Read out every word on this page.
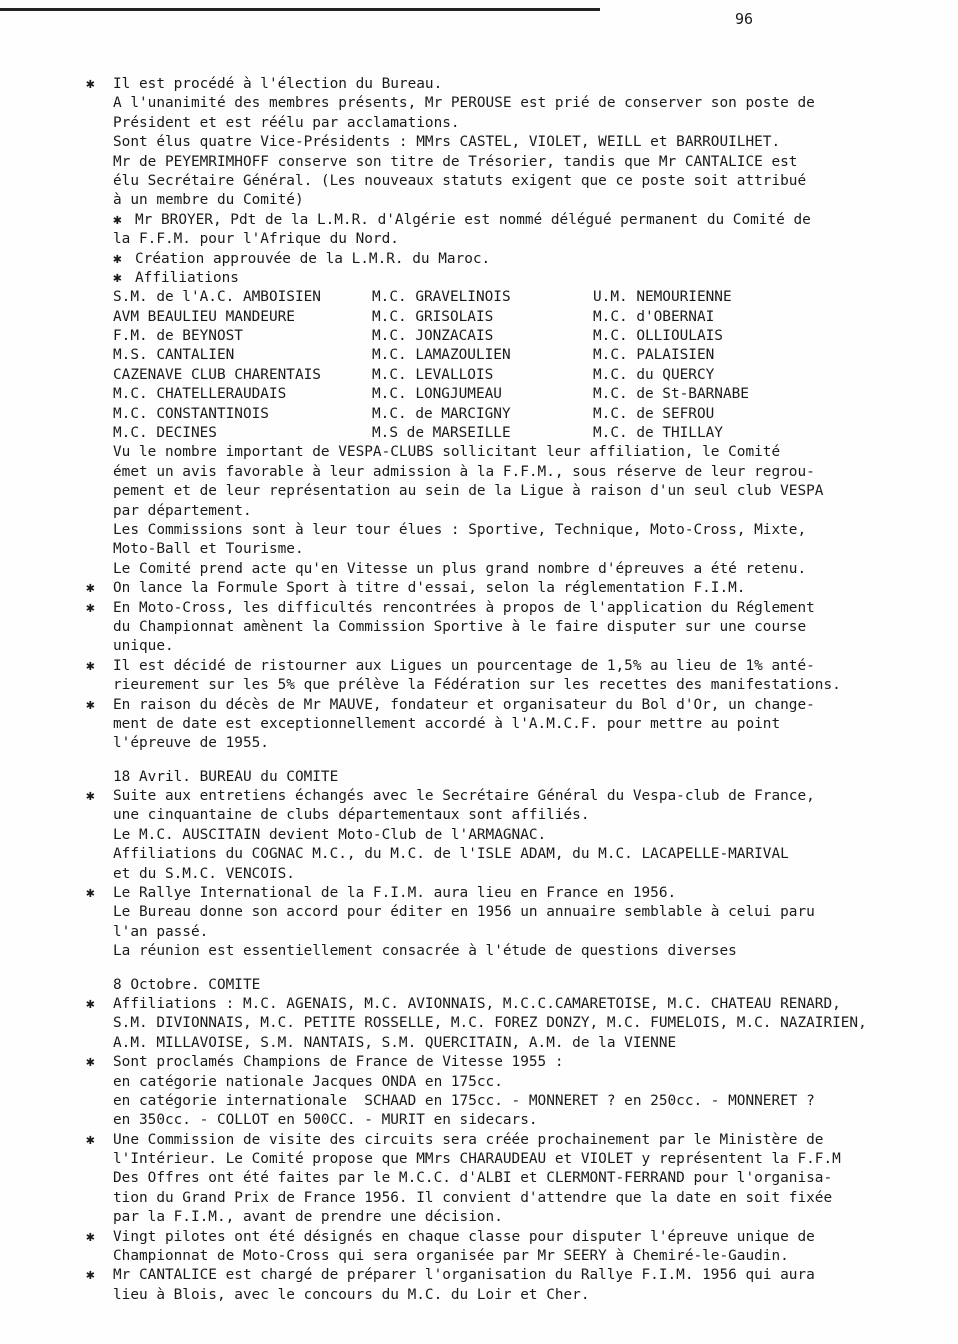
96
✱ Il est procédé à l'élection du Bureau.
A l'unanimité des membres présents, Mr PEROUSE est prié de conserver son poste de
Président et est réélu par acclamations.
Sont élus quatre Vice-Présidents : MMrs CASTEL, VIOLET, WEILL et BARROUILHET.
Mr de PEYEMRIMHOFF conserve son titre de Trésorier, tandis que Mr CANTALICE est
élu Secrétaire Général. (Les nouveaux statuts exigent que ce poste soit attribué
à un membre du Comité)
✱ Mr BROYER, Pdt de la L.M.R. d'Algérie est nommé délégué permanent du Comité de
la F.F.M. pour l'Afrique du Nord.
✱ Création approuvée de la L.M.R. du Maroc.
✱ Affiliations
S.M. de l'A.C. AMBOISIEN	M.C. GRAVELINOIS	U.M. NEMOURIENNE
AVM BEAULIEU MANDEURE	M.C. GRISOLAIS	M.C. d'OBERNAI
F.M. de BEYNOST	M.C. JONZACAIS	M.C. OLLIOULAIS
M.S. CANTALIEN	M.C. LAMAZOULIEN	M.C. PALAISIEN
CAZENAVE CLUB CHARENTAIS	M.C. LEVALLOIS	M.C. du QUERCY
M.C. CHATELLERAUDAIS	M.C. LONGJUMEAU	M.C. de St-BARNABE
M.C. CONSTANTINOIS	M.C. de MARCIGNY	M.C. de SEFROU
M.C. DECINES	M.S de MARSEILLE	M.C. de THILLAY
Vu le nombre important de VESPA-CLUBS sollicitant leur affiliation, le Comité
émet un avis favorable à leur admission à la F.F.M., sous réserve de leur regrou-
pement et de leur représentation au sein de la Ligue à raison d'un seul club VESPA
par département.
Les Commissions sont à leur tour élues : Sportive, Technique, Moto-Cross, Mixte,
Moto-Ball et Tourisme.
Le Comité prend acte qu'en Vitesse un plus grand nombre d'épreuves a été retenu.
✱ On lance la Formule Sport à titre d'essai, selon la réglementation F.I.M.
✱ En Moto-Cross, les difficultés rencontrées à propos de l'application du Réglement
du Championnat amènent la Commission Sportive à le faire disputer sur une course
unique.
✱ Il est décidé de ristourner aux Ligues un pourcentage de 1,5% au lieu de 1% anté-
rieurement sur les 5% que prélève la Fédération sur les recettes des manifestations.
✱ En raison du décès de Mr MAUVE, fondateur et organisateur du Bol d'Or, un change-
ment de date est exceptionnellement accordé à l'A.M.C.F. pour mettre au point
l'épreuve de 1955.
18 Avril. BUREAU du COMITE
✱ Suite aux entretiens échangés avec le Secrétaire Général du Vespa-club de France,
une cinquantaine de clubs départementaux sont affiliés.
Le M.C. AUSCITAIN devient Moto-Club de l'ARMAGNAC.
Affiliations du COGNAC M.C., du M.C. de l'ISLE ADAM, du M.C. LACAPELLE-MARIVAL
et du S.M.C. VENCOIS.
✱ Le Rallye International de la F.I.M. aura lieu en France en 1956.
Le Bureau donne son accord pour éditer en 1956 un annuaire semblable à celui paru
l'an passé.
La réunion est essentiellement consacrée à l'étude de questions diverses
8 Octobre. COMITE
✱ Affiliations : M.C. AGENAIS, M.C. AVIONNAIS, M.C.C.CAMARETOISE, M.C. CHATEAU RENARD,
S.M. DIVIONNAIS, M.C. PETITE ROSSELLE, M.C. FOREZ DONZY, M.C. FUMELOIS, M.C. NAZAIRIEN,
A.M. MILLAVOISE, S.M. NANTAIS, S.M. QUERCITAIN, A.M. de la VIENNE
✱ Sont proclamés Champions de France de Vitesse 1955 :
en catégorie nationale Jacques ONDA en 175cc.
en catégorie internationale  SCHAAD en 175cc. - MONNERET ? en 250cc. - MONNERET ?
en 350cc. - COLLOT en 500CC. - MURIT en sidecars.
✱ Une Commission de visite des circuits sera créée prochainement par le Ministère de
l'Intérieur. Le Comité propose que MMrs CHARAUDEAU et VIOLET y représentent la F.F.M
Des Offres ont été faites par le M.C.C. d'ALBI et CLERMONT-FERRAND pour l'organisa-
tion du Grand Prix de France 1956. Il convient d'attendre que la date en soit fixée
par la F.I.M., avant de prendre une décision.
✱ Vingt pilotes ont été désignés en chaque classe pour disputer l'épreuve unique de
Championnat de Moto-Cross qui sera organisée par Mr SEERY à Chemiré-le-Gaudin.
✱ Mr CANTALICE est chargé de préparer l'organisation du Rallye F.I.M. 1956 qui aura
lieu à Blois, avec le concours du M.C. du Loir et Cher.
